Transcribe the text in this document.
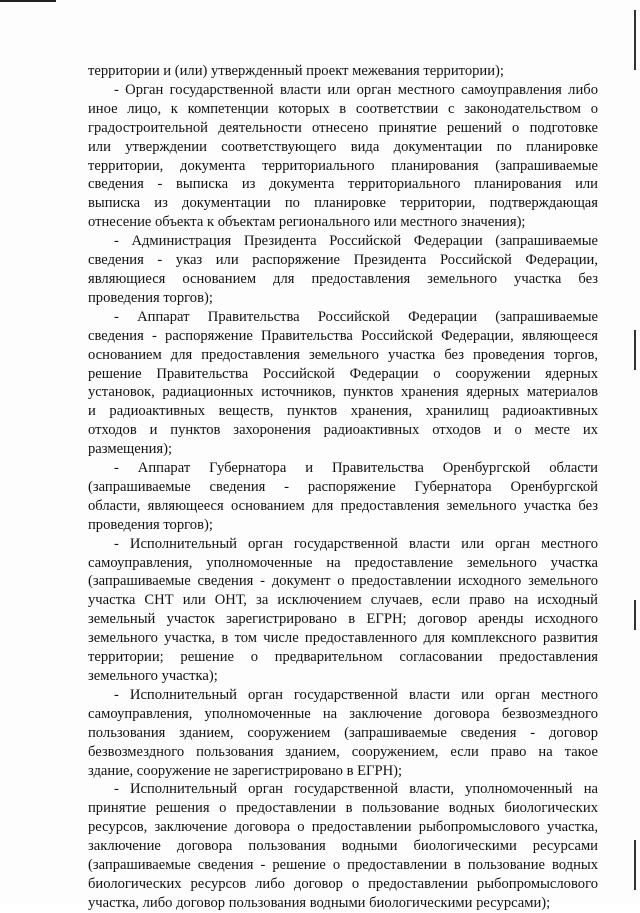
территории и (или) утвержденный проект межевания территории);
- Орган государственной власти или орган местного самоуправления либо
иное лицо, к компетенции которых в соответствии с законодательством о
градостроительной деятельности отнесено принятие решений о подготовке
или утверждении соответствующего вида документации по планировке
территории, документа территориального планирования (запрашиваемые
сведения - выписка из документа территориального планирования или
выписка из документации по планировке территории, подтверждающая
отнесение объекта к объектам регионального или местного значения);
- Администрация Президента Российской Федерации (запрашиваемые
сведения - указ или распоряжение Президента Российской Федерации,
являющиеся основанием для предоставления земельного участка без
проведения торгов);
- Аппарат Правительства Российской Федерации (запрашиваемые
сведения - распоряжение Правительства Российской Федерации, являющееся
основанием для предоставления земельного участка без проведения торгов,
решение Правительства Российской Федерации о сооружении ядерных
установок, радиационных источников, пунктов хранения ядерных материалов
и радиоактивных веществ, пунктов хранения, хранилищ радиоактивных
отходов и пунктов захоронения радиоактивных отходов и о месте их
размещения);
- Аппарат Губернатора и Правительства Оренбургской области
(запрашиваемые сведения - распоряжение Губернатора Оренбургской
области, являющееся основанием для предоставления земельного участка без
проведения торгов);
- Исполнительный орган государственной власти или орган местного
самоуправления, уполномоченные на предоставление земельного участка
(запрашиваемые сведения - документ о предоставлении исходного земельного
участка СНТ или ОНТ, за исключением случаев, если право на исходный
земельный участок зарегистрировано в ЕГРН; договор аренды исходного
земельного участка, в том числе предоставленного для комплексного развития
территории; решение о предварительном согласовании предоставления
земельного участка);
- Исполнительный орган государственной власти или орган местного
самоуправления, уполномоченные на заключение договора безвозмездного
пользования зданием, сооружением (запрашиваемые сведения - договор
безвозмездного пользования зданием, сооружением, если право на такое
здание, сооружение не зарегистрировано в ЕГРН);
- Исполнительный орган государственной власти, уполномоченный на
принятие решения о предоставлении в пользование водных биологических
ресурсов, заключение договора о предоставлении рыбопромыслового участка,
заключение договора пользования водными биологическими ресурсами
(запрашиваемые сведения - решение о предоставлении в пользование водных
биологических ресурсов либо договор о предоставлении рыбопромыслового
участка, либо договор пользования водными биологическими ресурсами);
